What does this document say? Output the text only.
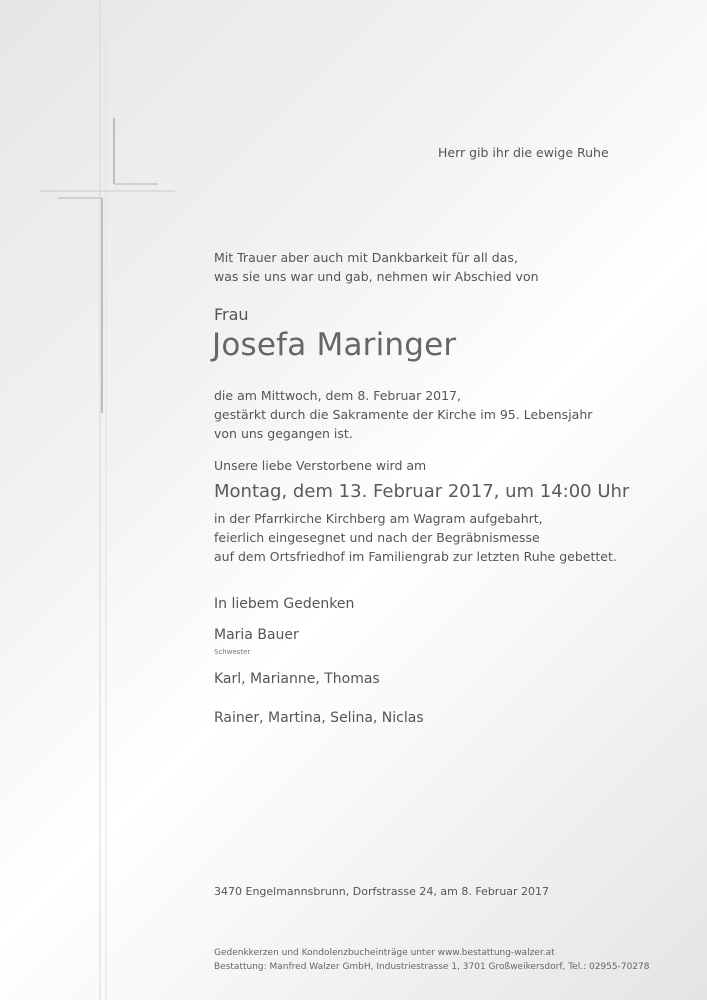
Herr gib ihr die ewige Ruhe
Mit Trauer aber auch mit Dankbarkeit für all das,
was sie uns war und gab, nehmen wir Abschied von
Frau
Josefa Maringer
die am Mittwoch, dem 8. Februar 2017,
gestärkt durch die Sakramente der Kirche im 95. Lebensjahr
von uns gegangen ist.
Unsere liebe Verstorbene wird am
Montag, dem 13. Februar 2017, um 14:00 Uhr
in der Pfarrkirche Kirchberg am Wagram aufgebahrt,
feierlich eingesegnet und nach der Begräbnismesse
auf dem Ortsfriedhof im Familiengrab zur letzten Ruhe gebettet.
In liebem Gedenken
Maria Bauer
Schwester
Karl, Marianne, Thomas
Rainer, Martina, Selina, Niclas
3470 Engelmannsbrunn, Dorfstrasse 24, am 8. Februar 2017
Gedenkkerzen und Kondolenzbucheinträge unter www.bestattung-walzer.at
Bestattung: Manfred Walzer GmbH, Industriestrasse 1, 3701 Großweikersdorf, Tel.: 02955-70278
